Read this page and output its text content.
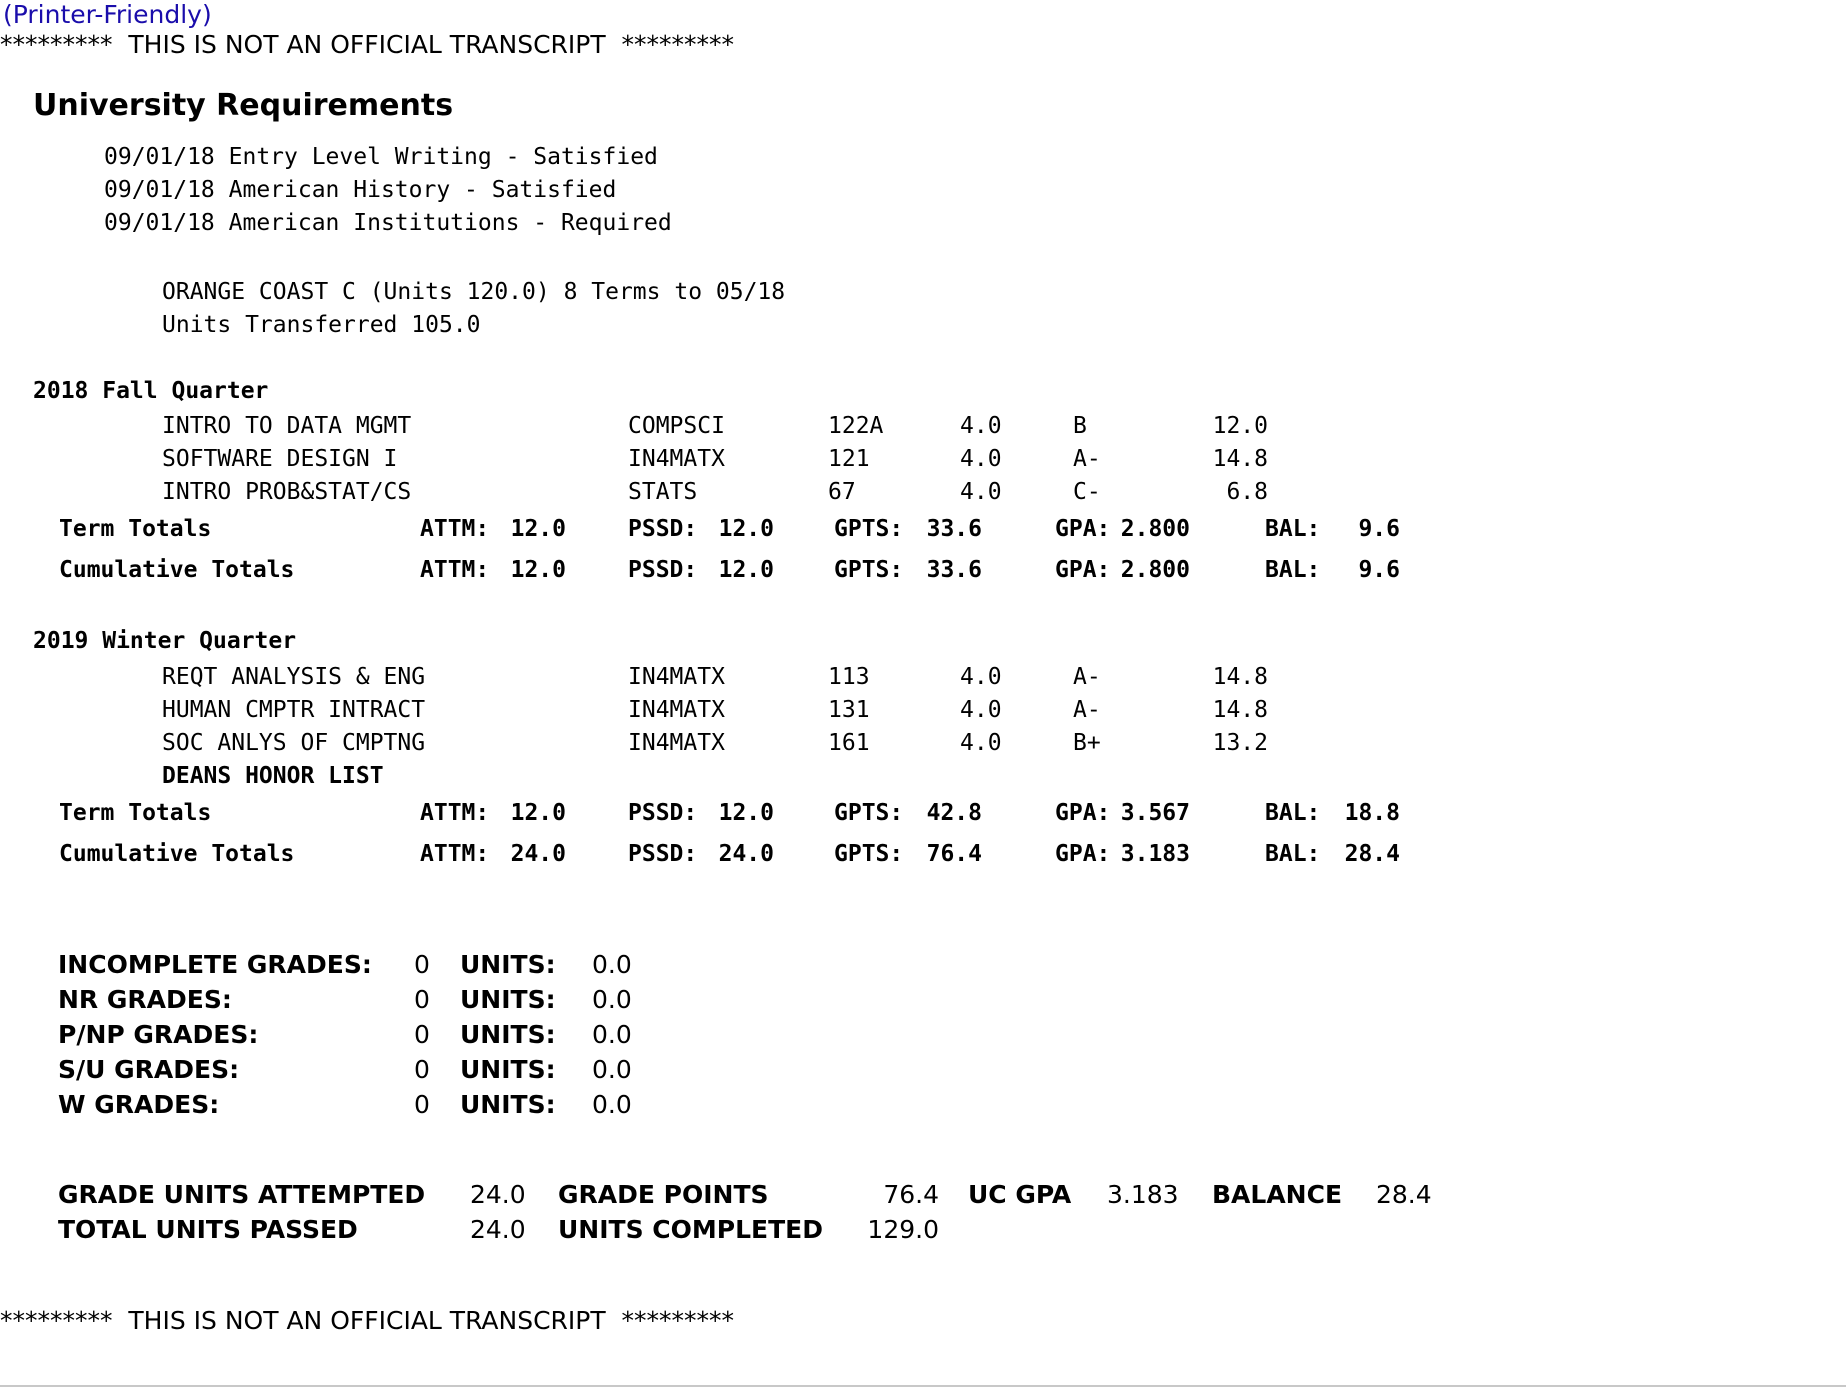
(Printer-Friendly)
*********  THIS IS NOT AN OFFICIAL TRANSCRIPT  *********
University Requirements
09/01/18 Entry Level Writing - Satisfied
09/01/18 American History - Satisfied
09/01/18 American Institutions - Required
ORANGE COAST C (Units 120.0) 8 Terms to 05/18
Units Transferred 105.0
2018 Fall Quarter
INTRO TO DATA MGMT	COMPSCI	122A	4.0	B	12.0
SOFTWARE DESIGN I	IN4MATX	121	4.0	A-	14.8
INTRO PROB&STAT/CS	STATS	67	4.0	C-	6.8
Term Totals	ATTM: 12.0	PSSD: 12.0	GPTS: 33.6	GPA: 2.800	BAL: 9.6
Cumulative Totals	ATTM: 12.0	PSSD: 12.0	GPTS: 33.6	GPA: 2.800	BAL: 9.6
2019 Winter Quarter
REQT ANALYSIS & ENG	IN4MATX	113	4.0	A-	14.8
HUMAN CMPTR INTRACT	IN4MATX	131	4.0	A-	14.8
SOC ANLYS OF CMPTNG	IN4MATX	161	4.0	B+	13.2
DEANS HONOR LIST
Term Totals	ATTM: 12.0	PSSD: 12.0	GPTS: 42.8	GPA: 3.567	BAL: 18.8
Cumulative Totals	ATTM: 24.0	PSSD: 24.0	GPTS: 76.4	GPA: 3.183	BAL: 28.4
INCOMPLETE GRADES: 0 UNITS: 0.0
NR GRADES:	0 UNITS: 0.0
P/NP GRADES:	0 UNITS: 0.0
S/U GRADES:	0 UNITS: 0.0
W GRADES:	0 UNITS: 0.0
GRADE UNITS ATTEMPTED 24.0 GRADE POINTS	76.4 UC GPA 3.183 BALANCE 28.4
TOTAL UNITS PASSED	24.0 UNITS COMPLETED 129.0
*********  THIS IS NOT AN OFFICIAL TRANSCRIPT  *********
